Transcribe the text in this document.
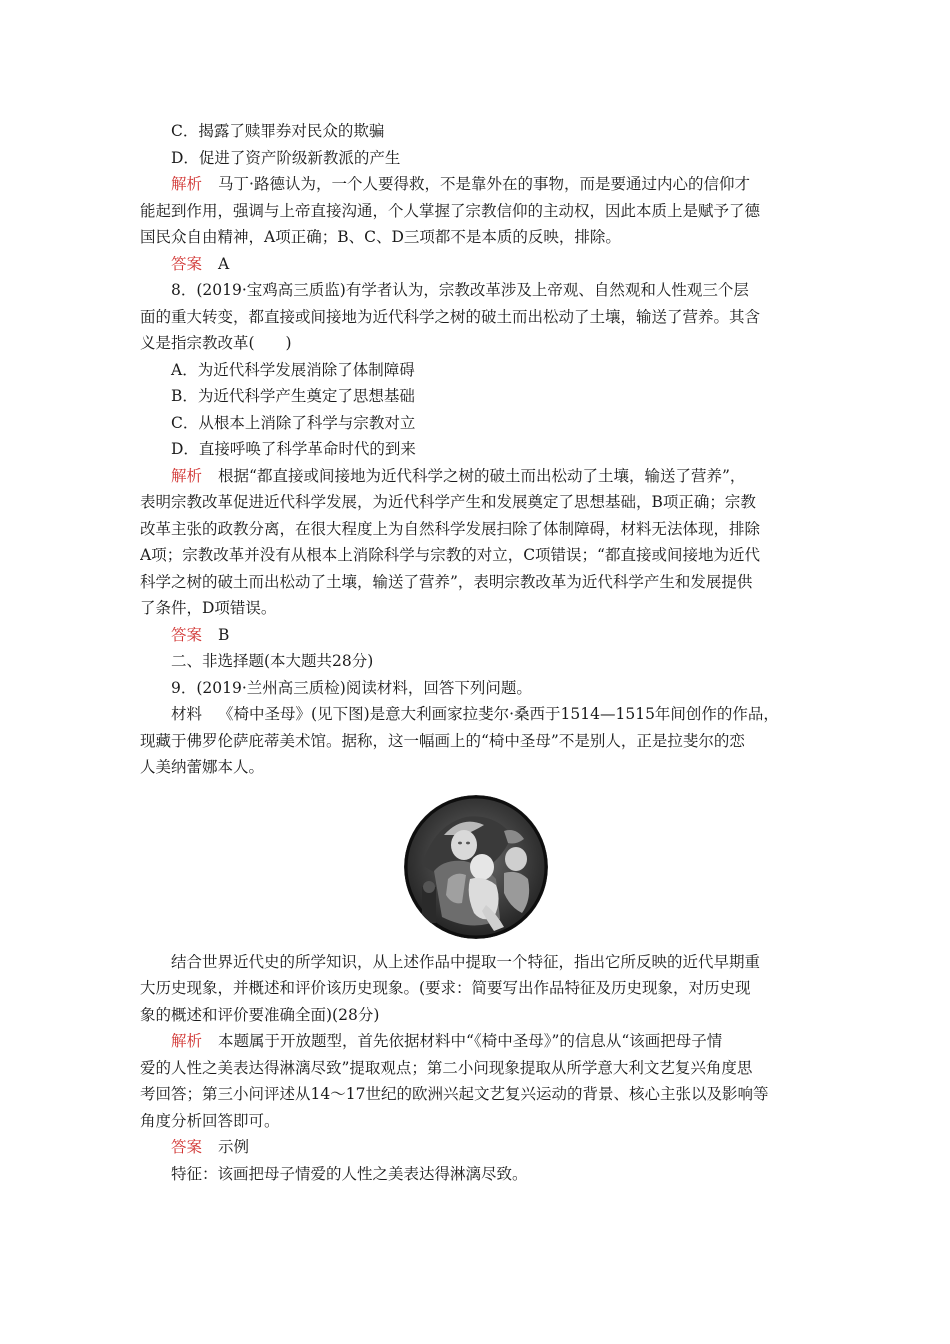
C．揭露了赎罪券对民众的欺骗
D．促进了资产阶级新教派的产生
解析 马丁·路德认为，一个人要得救，不是靠外在的事物，而是要通过内心的信仰才
能起到作用，强调与上帝直接沟通，个人掌握了宗教信仰的主动权，因此本质上是赋予了德
国民众自由精神，A项正确；B、C、D三项都不是本质的反映，排除。
答案 A
8．(2019·宝鸡高三质监)有学者认为，宗教改革涉及上帝观、自然观和人性观三个层
面的重大转变，都直接或间接地为近代科学之树的破土而出松动了土壤，输送了营养。其含
义是指宗教改革(　　)
A．为近代科学发展消除了体制障碍
B．为近代科学产生奠定了思想基础
C．从根本上消除了科学与宗教对立
D．直接呼唤了科学革命时代的到来
解析 根据“都直接或间接地为近代科学之树的破土而出松动了土壤，输送了营养”，
表明宗教改革促进近代科学发展，为近代科学产生和发展奠定了思想基础，B项正确；宗教
改革主张的政教分离，在很大程度上为自然科学发展扫除了体制障碍，材料无法体现，排除
A项；宗教改革并没有从根本上消除科学与宗教的对立，C项错误；“都直接或间接地为近代
科学之树的破土而出松动了土壤，输送了营养”，表明宗教改革为近代科学产生和发展提供
了条件，D项错误。
答案 B
二、非选择题(本大题共28分)
9．(2019·兰州高三质检)阅读材料，回答下列问题。
材料 《椅中圣母》(见下图)是意大利画家拉斐尔·桑西于1514—1515年间创作的作品，
现藏于佛罗伦萨庇蒂美术馆。据称，这一幅画上的“椅中圣母”不是别人，正是拉斐尔的恋
人美纳蕾娜本人。
结合世界近代史的所学知识，从上述作品中提取一个特征，指出它所反映的近代早期重
大历史现象，并概述和评价该历史现象。(要求：简要写出作品特征及历史现象，对历史现
象的概述和评价要准确全面)(28分)
解析 本题属于开放题型，首先依据材料中“《椅中圣母》”的信息从“该画把母子情
爱的人性之美表达得淋漓尽致”提取观点；第二小问现象提取从所学意大利文艺复兴角度思
考回答；第三小问评述从14～17世纪的欧洲兴起文艺复兴运动的背景、核心主张以及影响等
角度分析回答即可。
答案 示例
特征：该画把母子情爱的人性之美表达得淋漓尽致。
